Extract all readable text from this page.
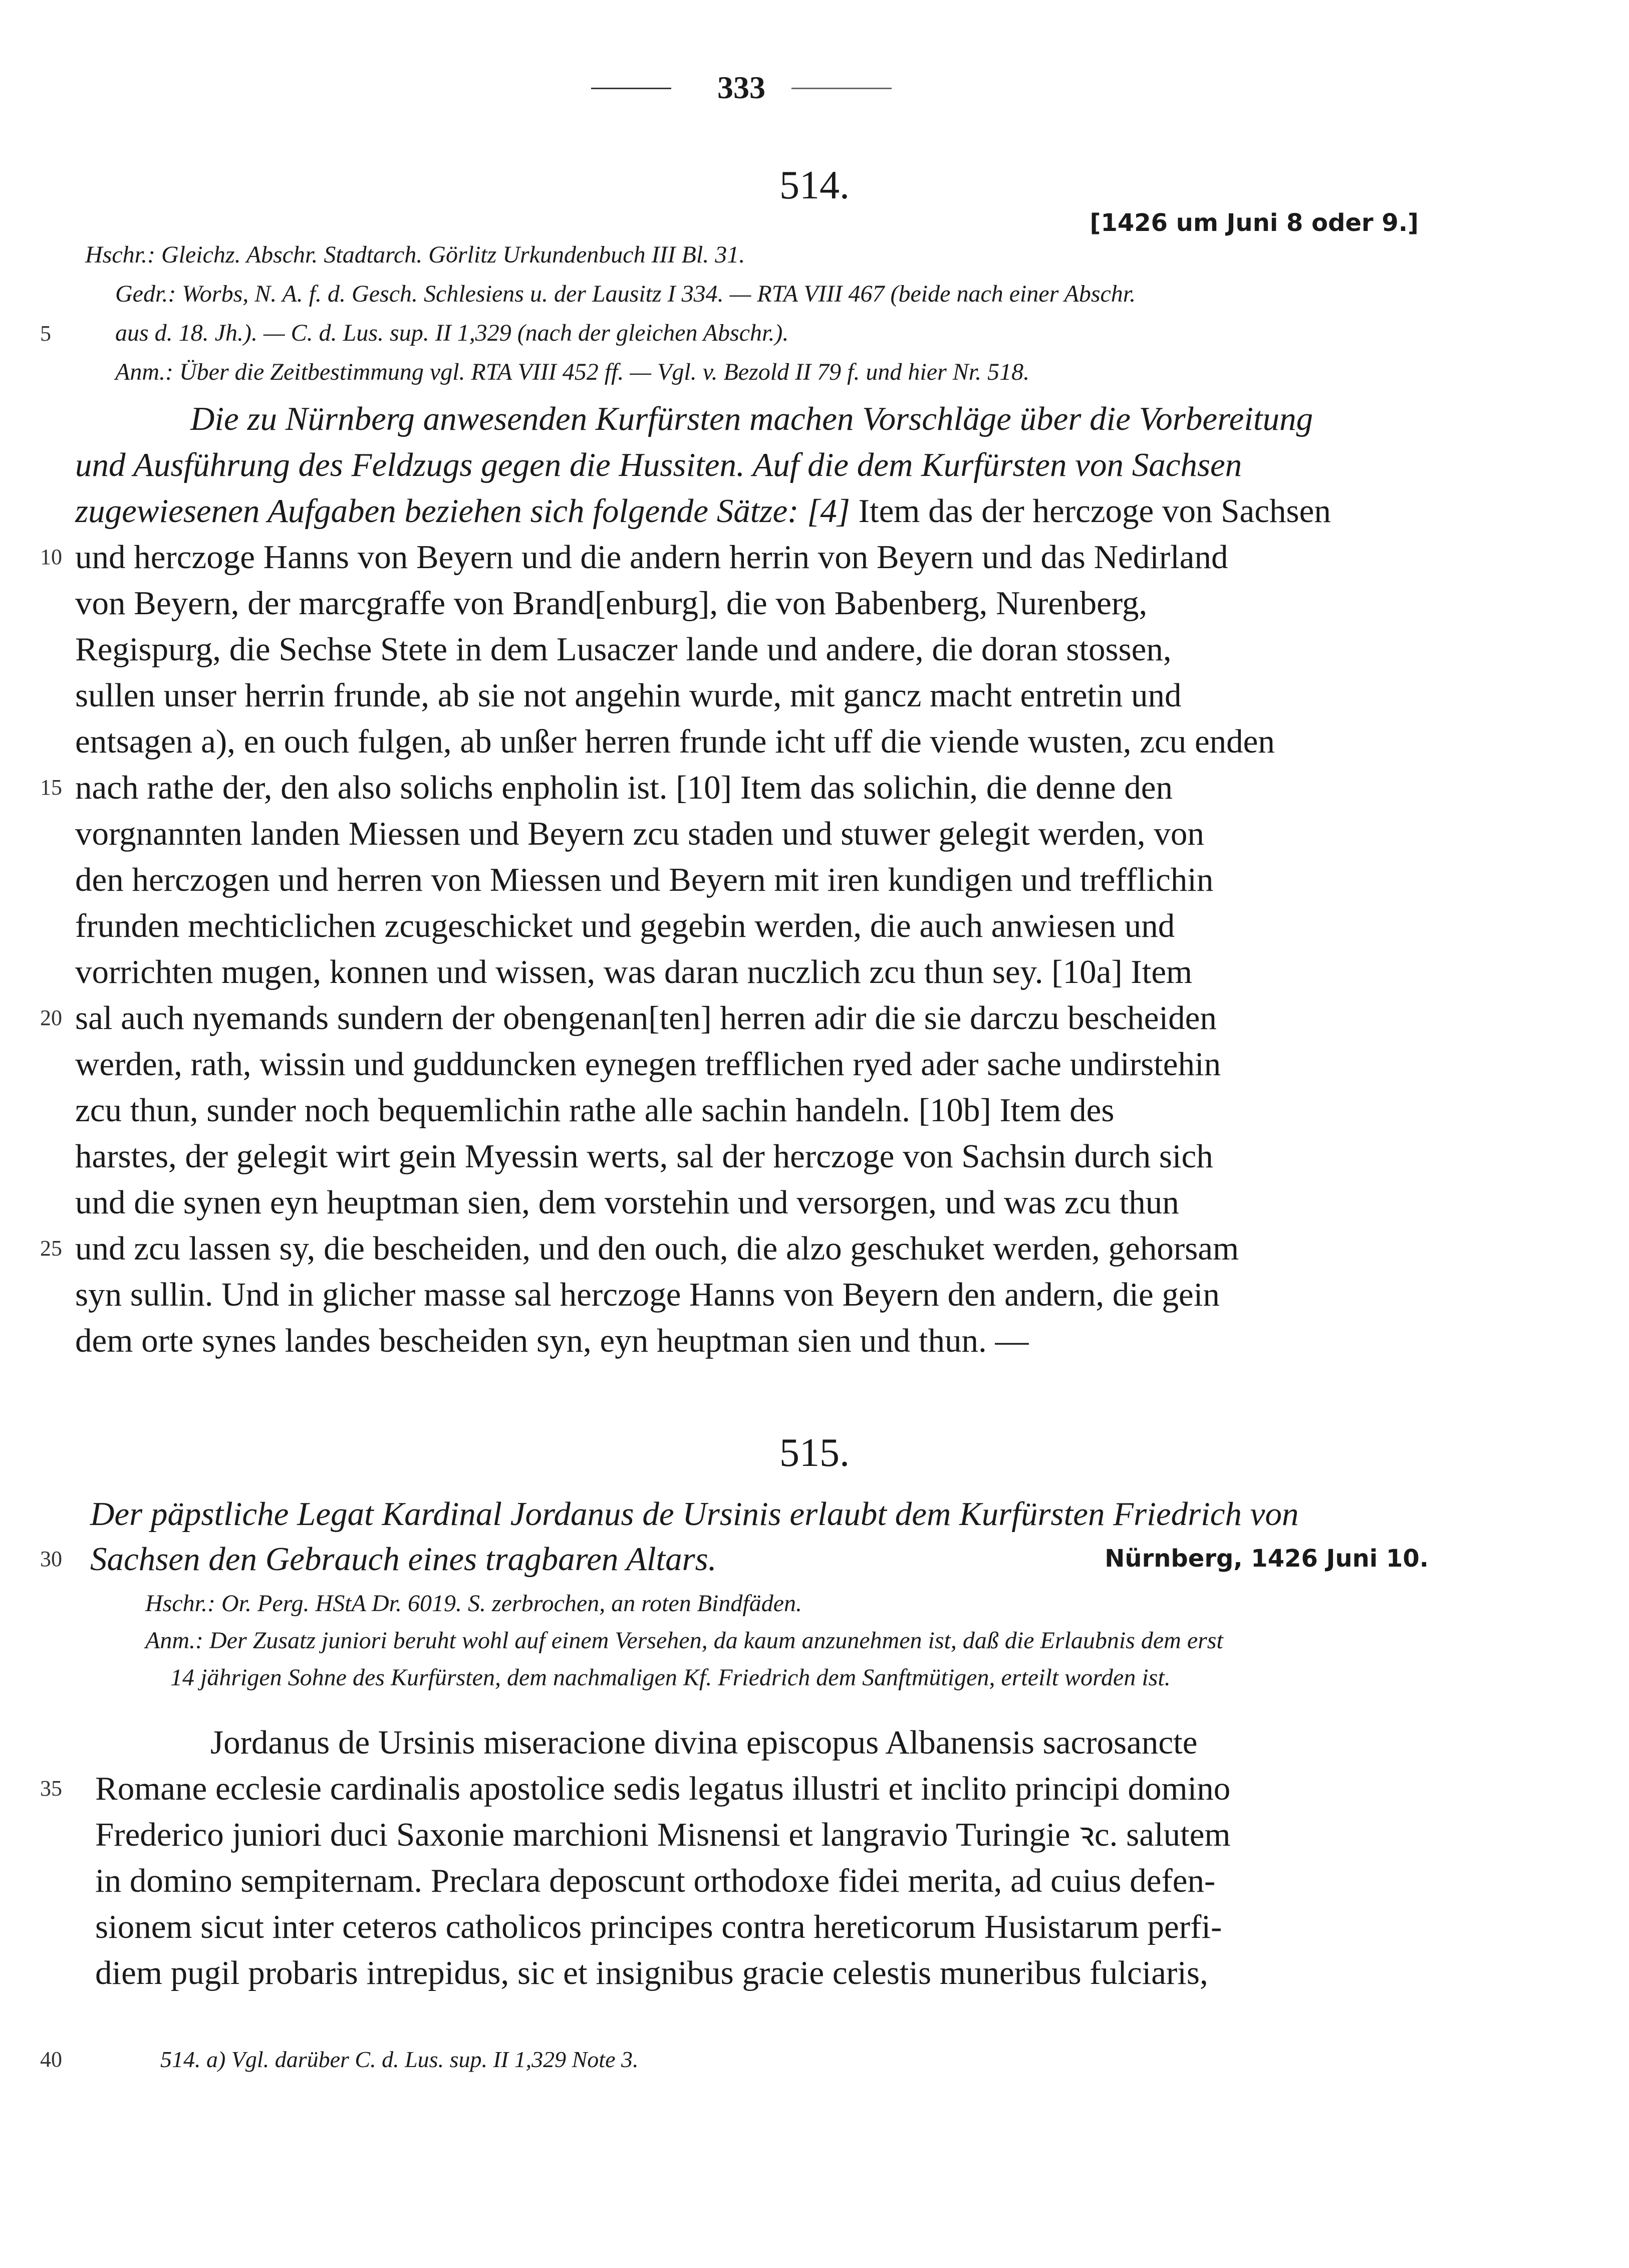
333
514.
[1426 um Juni 8 oder 9.]
Hschr.: Gleichz. Abschr. Stadtarch. Görlitz Urkundenbuch III Bl. 31.
Gedr.: Worbs, N. A. f. d. Gesch. Schlesiens u. der Lausitz I 334. — RTA VIII 467 (beide nach einer Abschr.
aus d. 18. Jh.). — C. d. Lus. sup. II 1,329 (nach der gleichen Abschr.).
Anm.: Über die Zeitbestimmung vgl. RTA VIII 452 ff. — Vgl. v. Bezold II 79 f. und hier Nr. 518.
5
Die zu Nürnberg anwesenden Kurfürsten machen Vorschläge über die Vorbereitung
und Ausführung des Feldzugs gegen die Hussiten. Auf die dem Kurfürsten von Sachsen
zugewiesenen Aufgaben beziehen sich folgende Sätze: [4] Item das der herczoge von Sachsen
10 und herczoge Hanns von Beyern und die andern herrin von Beyern und das Nedirland
von Beyern, der marcgraffe von Brand[enburg], die von Babenberg, Nurenberg,
Regispurg, die Sechse Stete in dem Lusaczer lande und andere, die doran stossen,
sullen unser herrin frunde, ab sie not angehin wurde, mit gancz macht entretin und
entsagen a), en ouch fulgen, ab unßer herren frunde icht uff die viende wusten, zcu enden
15 nach rathe der, den also solichs enpholin ist. [10] Item das solichin, die denne den
vorgnannten landen Miessen und Beyern zcu staden und stuwer gelegit werden, von
den herczogen und herren von Miessen und Beyern mit iren kundigen und trefflichin
frunden mechticlichen zcugeschicket und gegebin werden, die auch anwiesen und
vorrichten mugen, konnen und wissen, was daran nuczlich zcu thun sey. [10a] Item
20 sal auch nyemands sundern der obengenan[ten] herren adir die sie darczu bescheiden
werden, rath, wissin und gudduncken eynegen trefflichen ryed ader sache undirstehin
zcu thun, sunder noch bequemlichin rathe alle sachin handeln. [10b] Item des
harstes, der gelegit wirt gein Myessin werts, sal der herczoge von Sachsin durch sich
und die synen eyn heuptman sien, dem vorstehin und versorgen, und was zcu thun
25 und zcu lassen sy, die bescheiden, und den ouch, die alzo geschuket werden, gehorsam
syn sullin. Und in glicher masse sal herczoge Hanns von Beyern den andern, die gein
dem orte synes landes bescheiden syn, eyn heuptman sien und thun. —
515.
Der päpstliche Legat Kardinal Jordanus de Ursinis erlaubt dem Kurfürsten Friedrich von
30 Sachsen den Gebrauch eines tragbaren Altars.	Nürnberg, 1426 Juni 10.
Hschr.: Or. Perg. HStA Dr. 6019. S. zerbrochen, an roten Bindfäden.
Anm.: Der Zusatz juniori beruht wohl auf einem Versehen, da kaum anzunehmen ist, daß die Erlaubnis dem erst
14 jährigen Sohne des Kurfürsten, dem nachmaligen Kf. Friedrich dem Sanftmütigen, erteilt worden ist.
Jordanus de Ursinis miseracione divina episcopus Albanensis sacrosancte
35 Romane ecclesie cardinalis apostolice sedis legatus illustri et inclito principi domino
Frederico juniori duci Saxonie marchioni Misnensi et langravio Turingie ꝛc. salutem
in domino sempiternam. Preclara deposcunt orthodoxe fidei merita, ad cuius defen-
sionem sicut inter ceteros catholicos principes contra hereticorum Husistarum perfi-
diem pugil probaris intrepidus, sic et insignibus gracie celestis muneribus fulciaris,
40	514. a) Vgl. darüber C. d. Lus. sup. II 1,329 Note 3.
